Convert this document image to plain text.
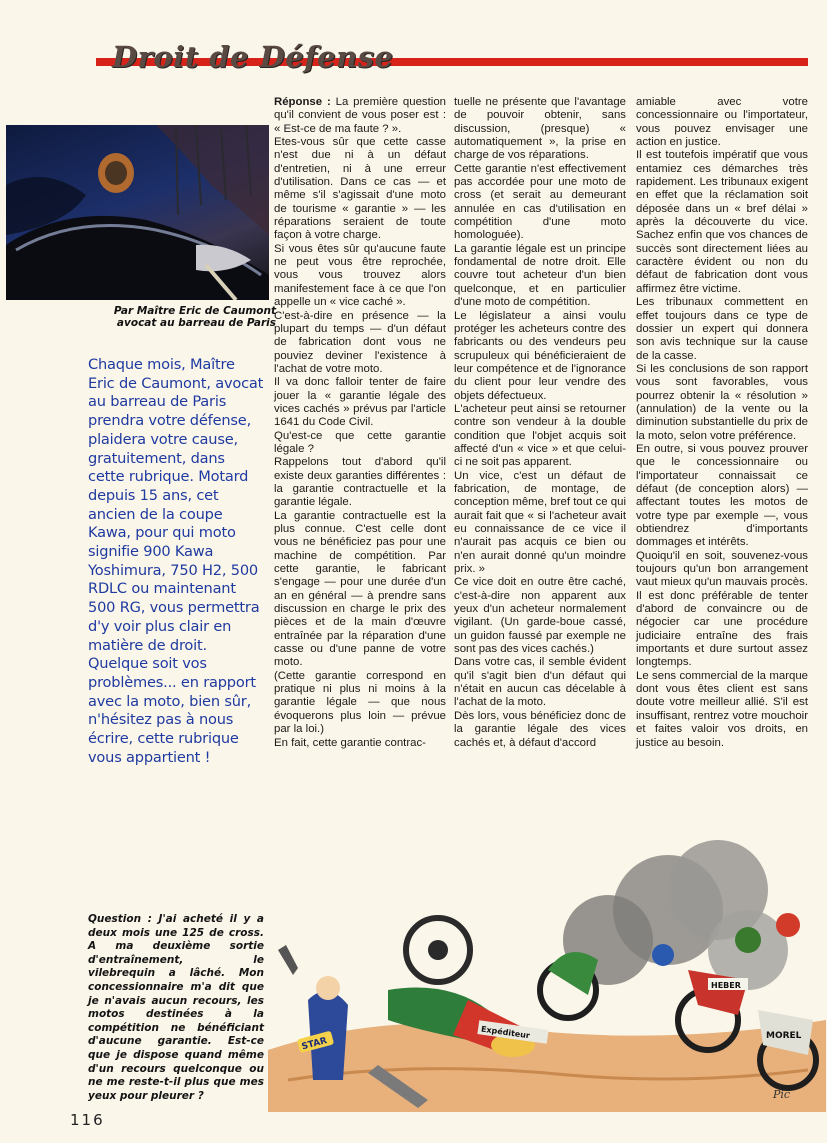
Droit de Défense
Par Maître Eric de Caumont avocat au barreau de Paris
Chaque mois, Maître Eric de Caumont, avocat au barreau de Paris prendra votre défense, plaidera votre cause, gratuitement, dans cette rubrique. Motard depuis 15 ans, cet ancien de la coupe Kawa, pour qui moto signifie 900 Kawa Yoshimura, 750 H2, 500 RDLC ou maintenant 500 RG, vous permettra d'y voir plus clair en matière de droit. Quelque soit vos problèmes... en rapport avec la moto, bien sûr, n'hésitez pas à nous écrire, cette rubrique vous appartient !
Question : J'ai acheté il y a deux mois une 125 de cross. A ma deuxième sortie d'entraînement, le vilebrequin a lâché. Mon concessionnaire m'a dit que je n'avais aucun recours, les motos destinées à la compétition ne bénéficiant d'aucune garantie. Est-ce que je dispose quand même d'un recours quelconque ou ne me reste-t-il plus que mes yeux pour pleurer ?

Réponse : La première question qu'il convient de vous poser est : « Est-ce de ma faute ? ».

Etes-vous sûr que cette casse n'est due ni à un défaut d'entretien, ni à une erreur d'utilisation. Dans ce cas — et même s'il s'agissait d'une moto de tourisme « garantie » — les réparations seraient de toute façon à votre charge.

Si vous êtes sûr qu'aucune faute ne peut vous être reprochée, vous vous trouvez alors manifestement face à ce que l'on appelle un « vice caché ».

C'est-à-dire en présence — la plupart du temps — d'un défaut de fabrication dont vous ne pouviez deviner l'existence à l'achat de votre moto.

Il va donc falloir tenter de faire jouer la « garantie légale des vices cachés » prévus par l'article 1641 du Code Civil.

Qu'est-ce que cette garantie légale ?

Rappelons tout d'abord qu'il existe deux garanties différentes : la garantie contractuelle et la garantie légale.

La garantie contractuelle est la plus connue. C'est celle dont vous ne bénéficiez pas pour une machine de compétition. Par cette garantie, le fabricant s'engage — pour une durée d'un an en général — à prendre sans discussion en charge le prix des pièces et de la main d'œuvre entraînée par la réparation d'une casse ou d'une panne de votre moto.

(Cette garantie correspond en pratique ni plus ni moins à la garantie légale — que nous évoquerons plus loin — prévue par la loi.)

En fait, cette garantie contrac-

tuelle ne présente que l'avantage de pouvoir obtenir, sans discussion, (presque) « automatiquement », la prise en charge de vos réparations.

Cette garantie n'est effectivement pas accordée pour une moto de cross (et serait au demeurant annulée en cas d'utilisation en compétition d'une moto homologuée).

La garantie légale est un principe fondamental de notre droit. Elle couvre tout acheteur d'un bien quelconque, et en particulier d'une moto de compétition.

Le législateur a ainsi voulu protéger les acheteurs contre des fabricants ou des vendeurs peu scrupuleux qui bénéficieraient de leur compétence et de l'ignorance du client pour leur vendre des objets défectueux.

L'acheteur peut ainsi se retourner contre son vendeur à la double condition que l'objet acquis soit affecté d'un « vice » et que celui-ci ne soit pas apparent.

Un vice, c'est un défaut de fabrication, de montage, de conception même, bref tout ce qui aurait fait que « si l'acheteur avait eu connaissance de ce vice il n'aurait pas acquis ce bien ou n'en aurait donné qu'un moindre prix. »

Ce vice doit en outre être caché, c'est-à-dire non apparent aux yeux d'un acheteur normalement vigilant. (Un garde-boue cassé, un guidon faussé par exemple ne sont pas des vices cachés.)

Dans votre cas, il semble évident qu'il s'agit bien d'un défaut qui n'était en aucun cas décelable à l'achat de la moto.

Dès lors, vous bénéficiez donc de la garantie légale des vices cachés et, à défaut d'accord

amiable avec votre concessionnaire ou l'importateur, vous pouvez envisager une action en justice.

Il est toutefois impératif que vous entamiez ces démarches très rapidement. Les tribunaux exigent en effet que la réclamation soit déposée dans un « bref délai » après la découverte du vice. Sachez enfin que vos chances de succès sont directement liées au caractère évident ou non du défaut de fabrication dont vous affirmez être victime.

Les tribunaux commettent en effet toujours dans ce type de dossier un expert qui donnera son avis technique sur la cause de la casse.

Si les conclusions de son rapport vous sont favorables, vous pourrez obtenir la « résolution » (annulation) de la vente ou la diminution substantielle du prix de la moto, selon votre préférence.

En outre, si vous pouvez prouver que le concessionnaire ou l'importateur connaissait ce défaut (de conception alors) — affectant toutes les motos de votre type par exemple —, vous obtiendrez d'importants dommages et intérêts.

Quoiqu'il en soit, souvenez-vous toujours qu'un bon arrangement vaut mieux qu'un mauvais procès. Il est donc préférable de tenter d'abord de convaincre ou de négocier car une procédure judiciaire entraîne des frais importants et dure surtout assez longtemps.

Le sens commercial de la marque dont vous êtes client est sans doute votre meilleur allié. S'il est insuffisant, rentrez votre mouchoir et faites valoir vos droits, en justice au besoin.

STAR
Expéditeur
HEBER
MOREL
Pic
116
